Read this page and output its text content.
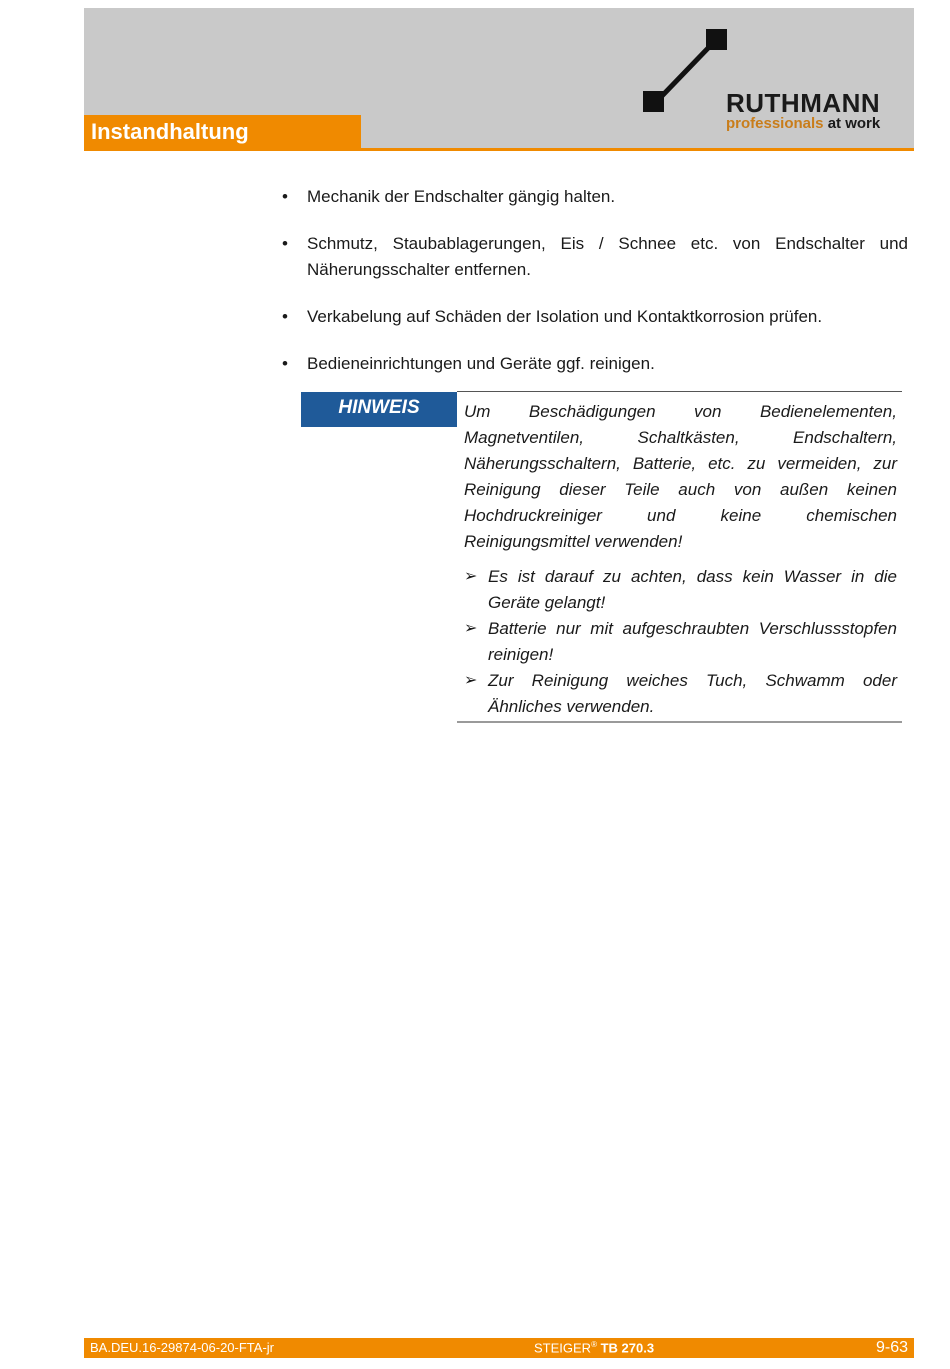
Instandhaltung
RUTHMANN
professionals at work
• Mechanik der Endschalter gängig halten.
• Schmutz, Staubablagerungen, Eis / Schnee etc. von Endschalter und Näherungsschalter entfernen.
• Verkabelung auf Schäden der Isolation und Kontaktkorrosion prüfen.
• Bedieneinrichtungen und Geräte ggf. reinigen.
HINWEIS	Um Beschädigungen von Bedienelementen, Magnetventilen, Schaltkästen, Endschaltern, Näherungsschaltern, Batterie, etc. zu vermeiden, zur Reinigung dieser Teile auch von außen keinen Hochdruckreiniger und keine chemischen Reinigungsmittel verwenden!
➢ Es ist darauf zu achten, dass kein Wasser in die Geräte gelangt!
➢ Batterie nur mit aufgeschraubten Verschlussstopfen reinigen!
➢ Zur Reinigung weiches Tuch, Schwamm oder Ähnliches verwenden.
BA.DEU.16-29874-06-20-FTA-jr	STEIGER® TB 270.3	9-63
